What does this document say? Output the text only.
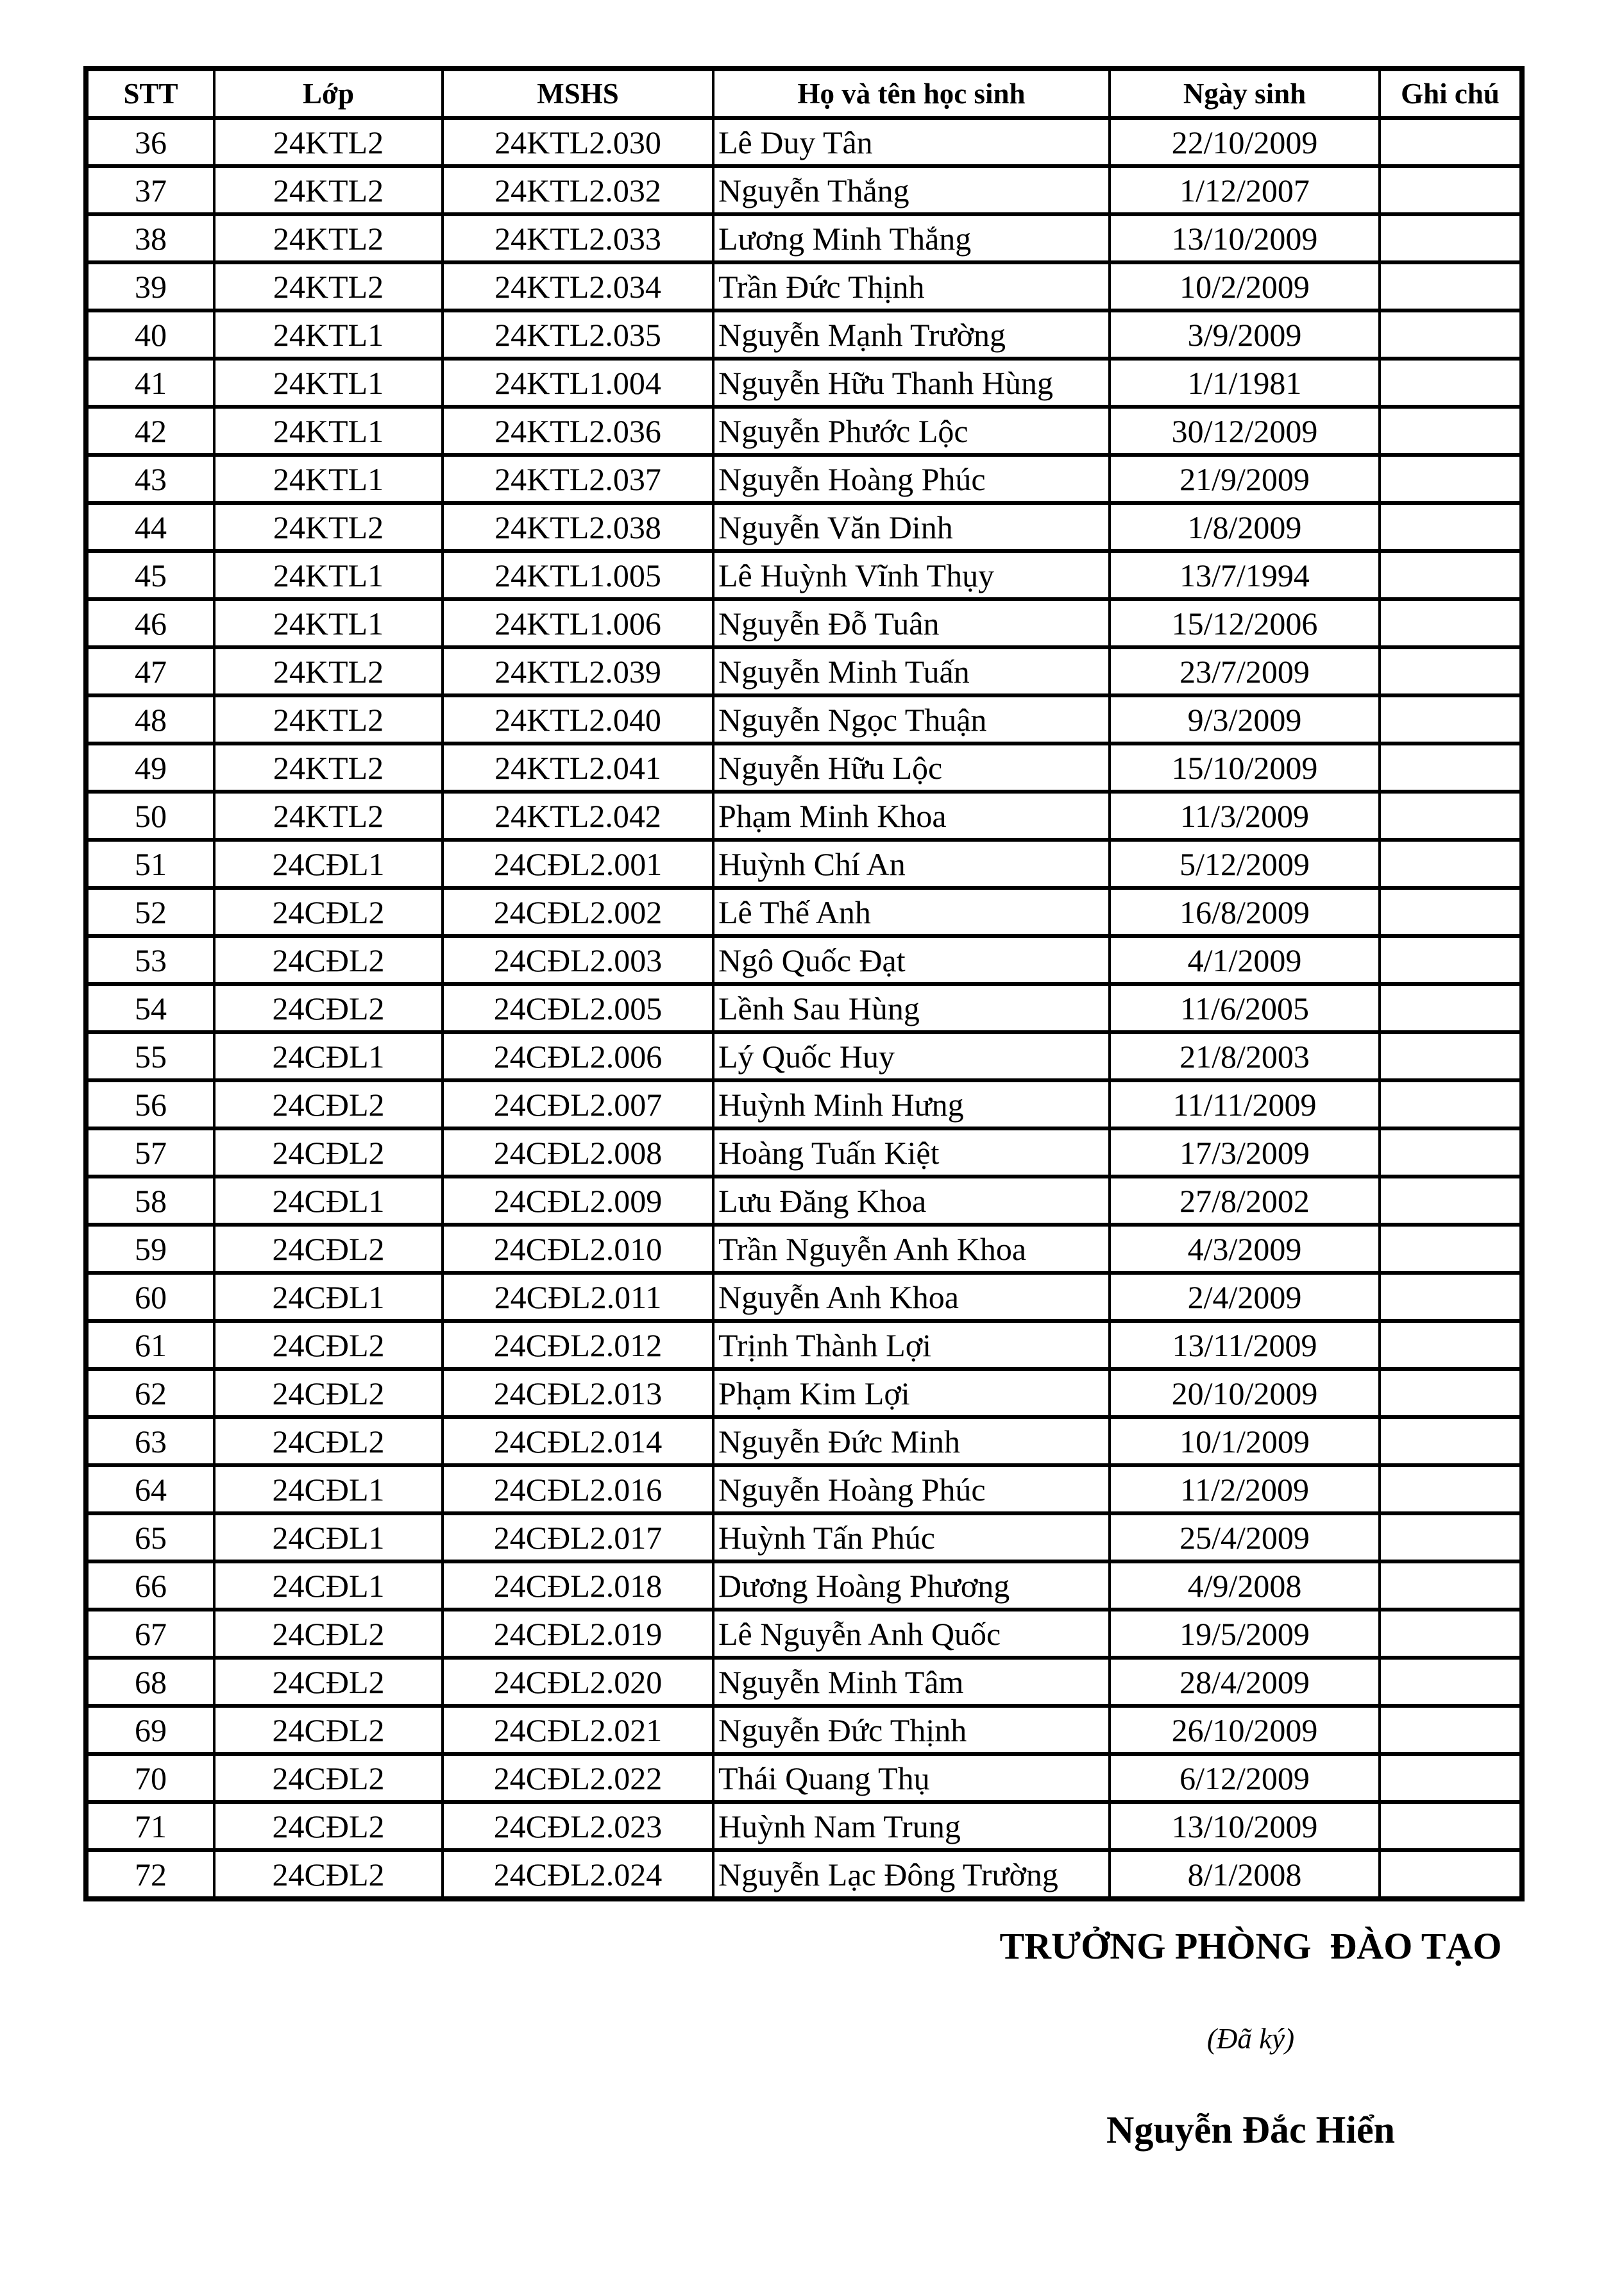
STT	Lớp	MSHS	Họ và tên học sinh	Ngày sinh	Ghi chú
36	24KTL2	24KTL2.030	Lê Duy Tân	22/10/2009	
37	24KTL2	24KTL2.032	Nguyễn Thắng	1/12/2007	
38	24KTL2	24KTL2.033	Lương Minh Thắng	13/10/2009	
39	24KTL2	24KTL2.034	Trần Đức Thịnh	10/2/2009	
40	24KTL1	24KTL2.035	Nguyễn Mạnh Trường	3/9/2009	
41	24KTL1	24KTL1.004	Nguyễn Hữu Thanh Hùng	1/1/1981	
42	24KTL1	24KTL2.036	Nguyễn Phước Lộc	30/12/2009	
43	24KTL1	24KTL2.037	Nguyễn Hoàng Phúc	21/9/2009	
44	24KTL2	24KTL2.038	Nguyễn Văn Dinh	1/8/2009	
45	24KTL1	24KTL1.005	Lê Huỳnh Vĩnh Thụy	13/7/1994	
46	24KTL1	24KTL1.006	Nguyễn Đỗ Tuân	15/12/2006	
47	24KTL2	24KTL2.039	Nguyễn Minh Tuấn	23/7/2009	
48	24KTL2	24KTL2.040	Nguyễn Ngọc Thuận	9/3/2009	
49	24KTL2	24KTL2.041	Nguyễn Hữu Lộc	15/10/2009	
50	24KTL2	24KTL2.042	Phạm Minh Khoa	11/3/2009	
51	24CĐL1	24CĐL2.001	Huỳnh Chí An	5/12/2009	
52	24CĐL2	24CĐL2.002	Lê Thế Anh	16/8/2009	
53	24CĐL2	24CĐL2.003	Ngô Quốc Đạt	4/1/2009	
54	24CĐL2	24CĐL2.005	Lềnh Sau Hùng	11/6/2005	
55	24CĐL1	24CĐL2.006	Lý Quốc Huy	21/8/2003	
56	24CĐL2	24CĐL2.007	Huỳnh Minh Hưng	11/11/2009	
57	24CĐL2	24CĐL2.008	Hoàng Tuấn Kiệt	17/3/2009	
58	24CĐL1	24CĐL2.009	Lưu Đăng Khoa	27/8/2002	
59	24CĐL2	24CĐL2.010	Trần Nguyễn Anh Khoa	4/3/2009	
60	24CĐL1	24CĐL2.011	Nguyễn Anh Khoa	2/4/2009	
61	24CĐL2	24CĐL2.012	Trịnh Thành Lợi	13/11/2009	
62	24CĐL2	24CĐL2.013	Phạm Kim Lợi	20/10/2009	
63	24CĐL2	24CĐL2.014	Nguyễn Đức Minh	10/1/2009	
64	24CĐL1	24CĐL2.016	Nguyễn Hoàng Phúc	11/2/2009	
65	24CĐL1	24CĐL2.017	Huỳnh Tấn Phúc	25/4/2009	
66	24CĐL1	24CĐL2.018	Dương Hoàng Phương	4/9/2008	
67	24CĐL2	24CĐL2.019	Lê Nguyễn Anh Quốc	19/5/2009	
68	24CĐL2	24CĐL2.020	Nguyễn Minh Tâm	28/4/2009	
69	24CĐL2	24CĐL2.021	Nguyễn Đức Thịnh	26/10/2009	
70	24CĐL2	24CĐL2.022	Thái Quang Thụ	6/12/2009	
71	24CĐL2	24CĐL2.023	Huỳnh Nam Trung	13/10/2009	
72	24CĐL2	24CĐL2.024	Nguyễn Lạc Đông Trường	8/1/2008	
TRƯỞNG PHÒNG  ĐÀO TẠO
(Đã ký)
Nguyễn Đắc Hiển
